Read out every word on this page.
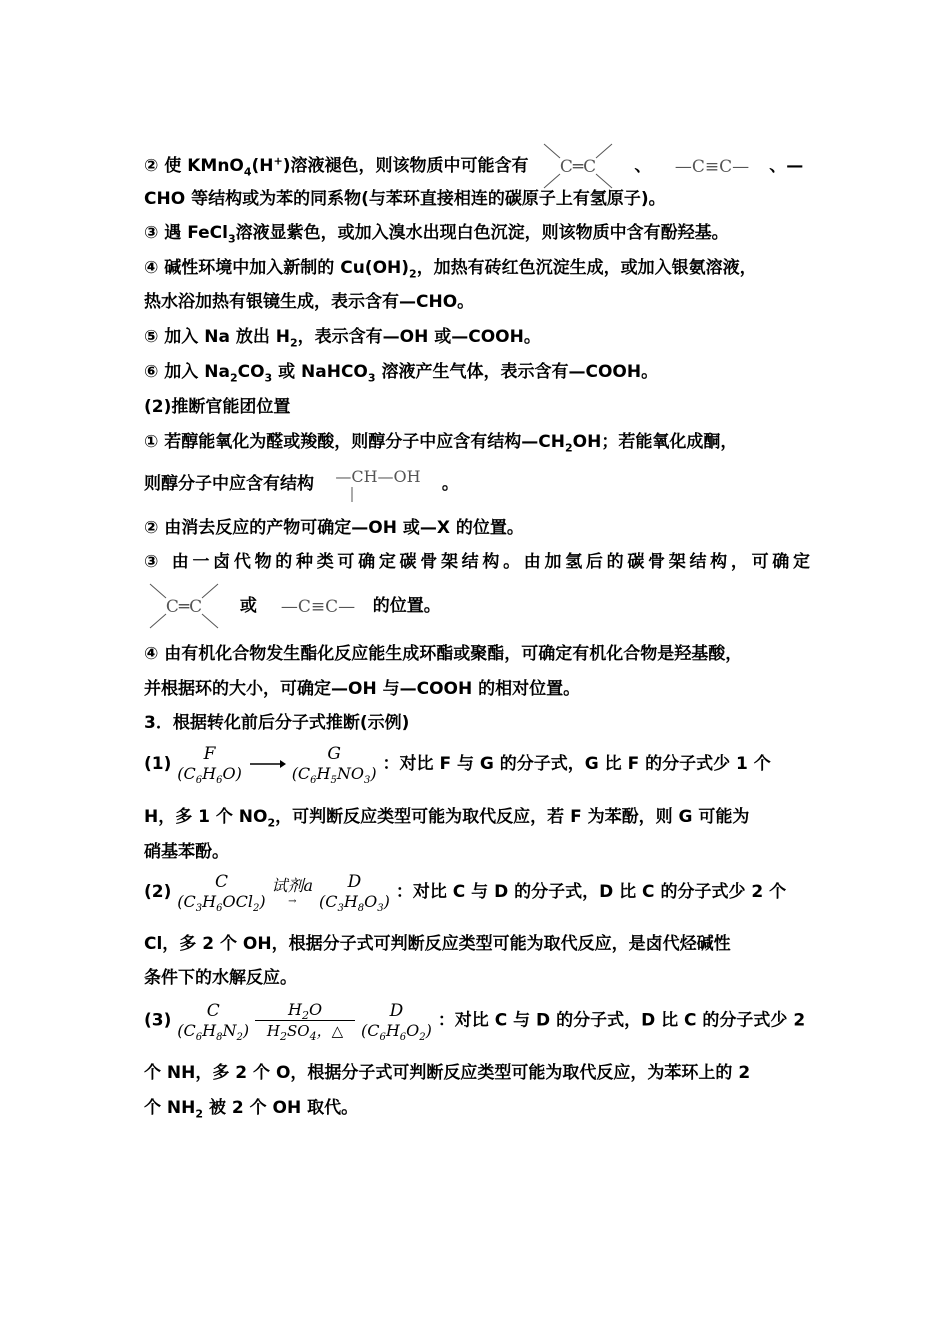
② 使 KMnO$_4$(H+)溶液褪色，则该物质中可能含有 C═C 、 —C≡C— 、—
CHO 等结构或为苯的同系物(与苯环直接相连的碳原子上有氢原子)。
③ 遇 FeCl$_3$溶液显紫色，或加入溴水出现白色沉淀，则该物质中含有酚羟基。
④ 碱性环境中加入新制的 $Cu(OH)_2$，加热有砖红色沉淀生成，或加入银氨溶液，
热水浴加热有银镜生成，表示含有—CHO。
⑤ 加入 Na 放出 $H_2$，表示含有—OH 或—COOH。
⑥ 加入 $Na_2CO_3$ 或 NaHCO$_3$ 溶液产生气体，表示含有—COOH。
(2)推断官能团位置
① 若醇能氧化为醛或羧酸，则醇分子中应含有结构$—CH_2OH$；若能氧化成酮，
则醇分子中应含有结构 —CH—OH 。
② 由消去反应的产物可确定—OH 或—X 的位置。
③ 由一卤代物的种类可确定碳骨架结构。由加氢后的碳骨架结构，可确定
C═C 或 —C≡C— 的位置。
④ 由有机化合物发生酯化反应能生成环酯或聚酯，可确定有机化合物是羟基酸，
并根据环的大小，可确定—OH 与—COOH 的相对位置。
3．根据转化前后分子式推断(示例)
(1)	F
$(C_6H_6O)$ →	G
$(C_6H_5NO_3)$ ：对比 F 与 G 的分子式，G 比 F 的分子式少 1 个
H，多 1 个 $NO_2$，可判断反应类型可能为取代反应，若 F 为苯酚，则 G 可能为
硝基苯酚。
(2)	C
$(C_3H_6OCl_2)$

试剂a
→

D
$(C_3H_8O_3)$ ：对比 C 与 D 的分子式，D 比 C 的分子式少 2 个
Cl，多 2 个 OH，根据分子式可判断反应类型可能为取代反应，是卤代烃碱性
条件下的水解反应。
(3)	C
$(C_6H_8N_2)$
$\frac{H_2O}{H_2SO_4,\triangle}$
	D
$(C_6H_6O_2)$ ：对比 C 与 D 的分子式，D 比 C 的分子式少 2
个 NH，多 2 个 O，根据分子式可判断反应类型可能为取代反应，为苯环上的 2
个 $NH_2$ 被 2 个 OH 取代。
